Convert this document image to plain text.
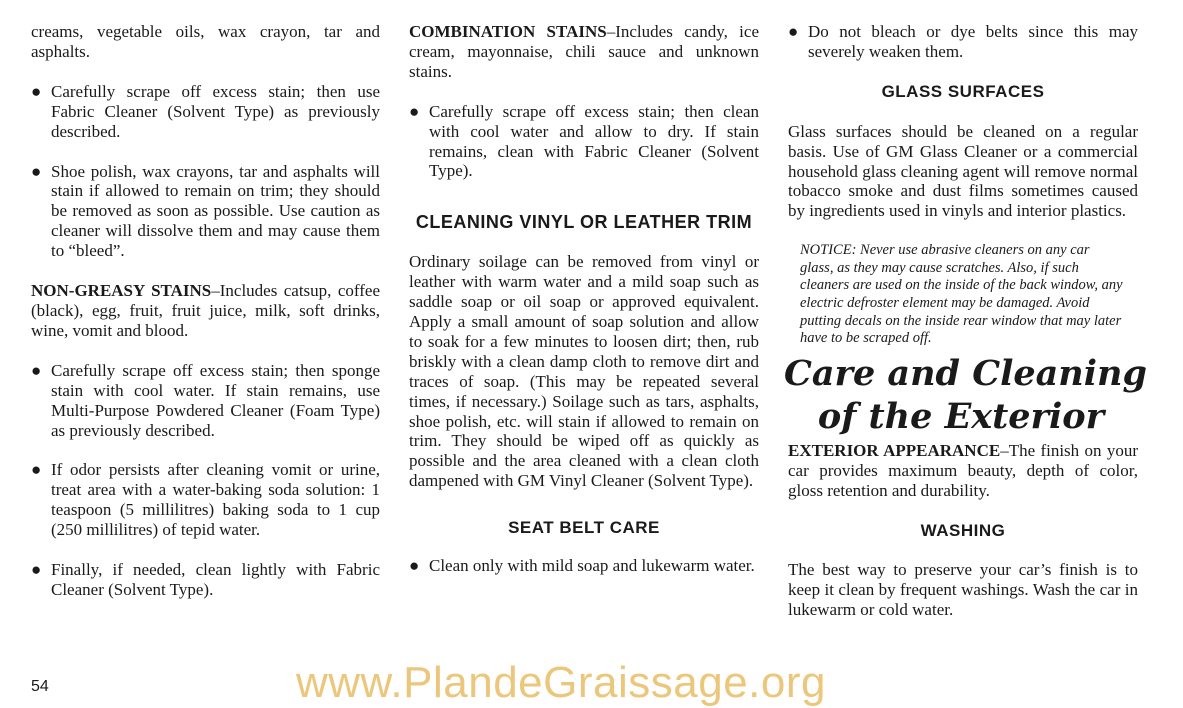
creams, vegetable oils, wax crayon, tar and asphalts.

● Carefully scrape off excess stain; then use Fabric Cleaner (Solvent Type) as previously described.

● Shoe polish, wax crayons, tar and asphalts will stain if allowed to remain on trim; they should be removed as soon as possible. Use caution as cleaner will dissolve them and may cause them to “bleed”.

NON-GREASY STAINS–Includes catsup, coffee (black), egg, fruit, fruit juice, milk, soft drinks, wine, vomit and blood.

● Carefully scrape off excess stain; then sponge stain with cool water. If stain remains, use Multi-Purpose Powdered Cleaner (Foam Type) as previously described.

● If odor persists after cleaning vomit or urine, treat area with a water-baking soda solution: 1 teaspoon (5 millilitres) baking soda to 1 cup (250 millilitres) of tepid water.

● Finally, if needed, clean lightly with Fabric Cleaner (Solvent Type).

COMBINATION STAINS–Includes candy, ice cream, mayonnaise, chili sauce and unknown stains.

● Carefully scrape off excess stain; then clean with cool water and allow to dry. If stain remains, clean with Fabric Cleaner (Solvent Type).

CLEANING VINYL OR LEATHER TRIM

Ordinary soilage can be removed from vinyl or leather with warm water and a mild soap such as saddle soap or oil soap or approved equivalent. Apply a small amount of soap solution and allow to soak for a few minutes to loosen dirt; then, rub briskly with a clean damp cloth to remove dirt and traces of soap. (This may be repeated several times, if necessary.) Soilage such as tars, asphalts, shoe polish, etc. will stain if allowed to remain on trim. They should be wiped off as quickly as possible and the area cleaned with a clean cloth dampened with GM Vinyl Cleaner (Solvent Type).

SEAT BELT CARE

● Clean only with mild soap and lukewarm water.

● Do not bleach or dye belts since this may severely weaken them.

GLASS SURFACES

Glass surfaces should be cleaned on a regular basis. Use of GM Glass Cleaner or a commercial household glass cleaning agent will remove normal tobacco smoke and dust films sometimes caused by ingredients used in vinyls and interior plastics.

NOTICE: Never use abrasive cleaners on any car glass, as they may cause scratches. Also, if such cleaners are used on the inside of the back window, any electric defroster element may be damaged. Avoid putting decals on the inside rear window that may later have to be scraped off.

Care and Cleaning
of the Exterior

EXTERIOR APPEARANCE–The finish on your car provides maximum beauty, depth of color, gloss retention and durability.

WASHING

The best way to preserve your car’s finish is to keep it clean by frequent washings. Wash the car in lukewarm or cold water.

54	www.PlandeGraissage.org
